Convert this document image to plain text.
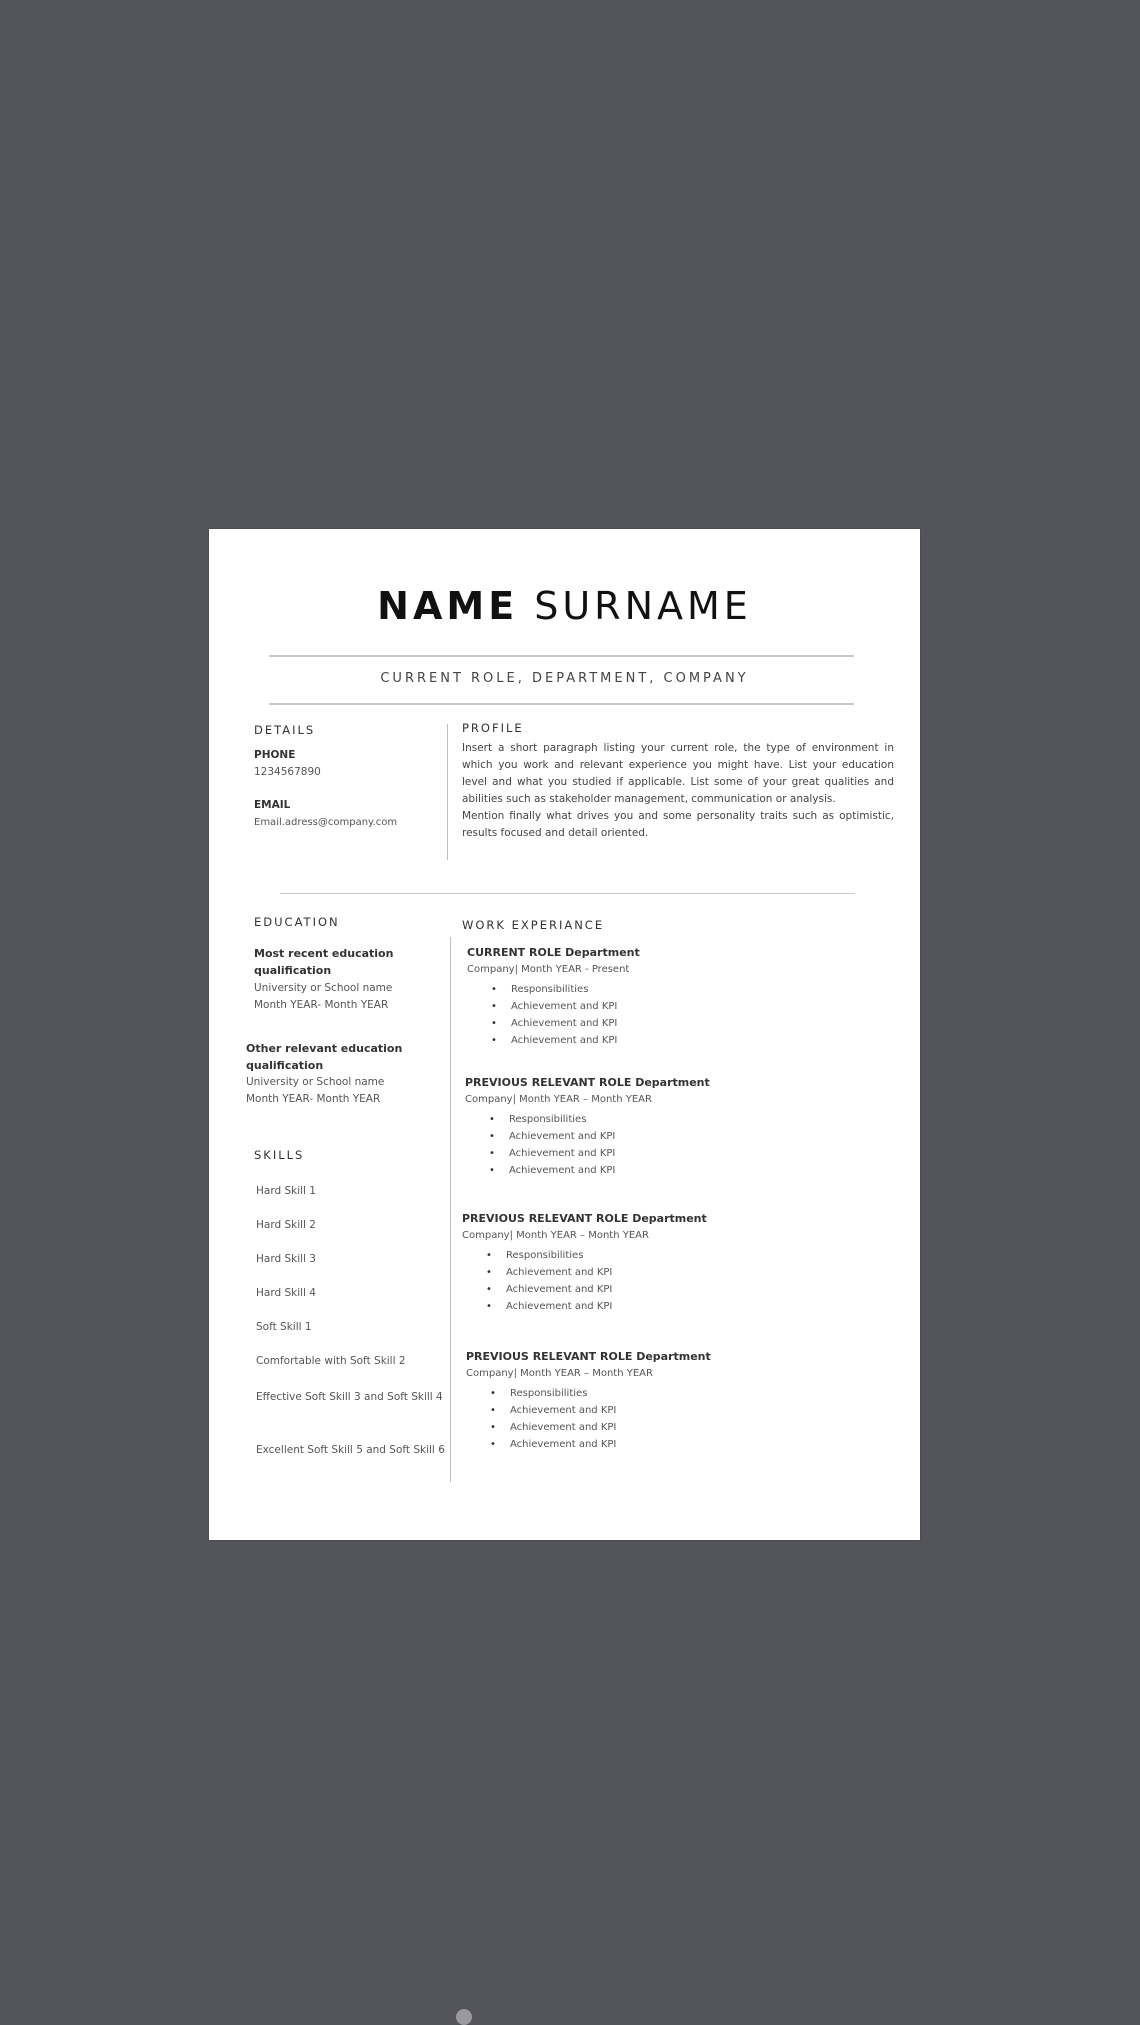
NAME SURNAME
CURRENT ROLE, DEPARTMENT, COMPANY
DETAILS
PHONE
1234567890
EMAIL
Email.adress@company.com
PROFILE

Insert a short paragraph listing your current role, the type of environment in which you work and relevant experience you might have. List your education level and what you studied if applicable. List some of your great qualities and abilities such as stakeholder management, communication or analysis.

Mention finally what drives you and some personality traits such as optimistic, results focused and detail oriented.

EDUCATION
Most recent education qualification
University or School name
Month YEAR- Month YEAR
Other relevant education qualification
University or School name
Month YEAR- Month YEAR
SKILLS
Hard Skill 1
Hard Skill 2
Hard Skill 3
Hard Skill 4
Soft Skill 1
Comfortable with Soft Skill 2
Effective Soft Skill 3 and Soft Skill 4
Excellent Soft Skill 5 and Soft Skill 6
WORK EXPERIANCE
CURRENT ROLE Department
Company| Month YEAR - Present
• Responsibilities
• Achievement and KPI
• Achievement and KPI
• Achievement and KPI
PREVIOUS RELEVANT ROLE Department
Company| Month YEAR – Month YEAR
• Responsibilities
• Achievement and KPI
• Achievement and KPI
• Achievement and KPI
PREVIOUS RELEVANT ROLE Department
Company| Month YEAR – Month YEAR
• Responsibilities
• Achievement and KPI
• Achievement and KPI
• Achievement and KPI
PREVIOUS RELEVANT ROLE Department
Company| Month YEAR – Month YEAR
• Responsibilities
• Achievement and KPI
• Achievement and KPI
• Achievement and KPI
